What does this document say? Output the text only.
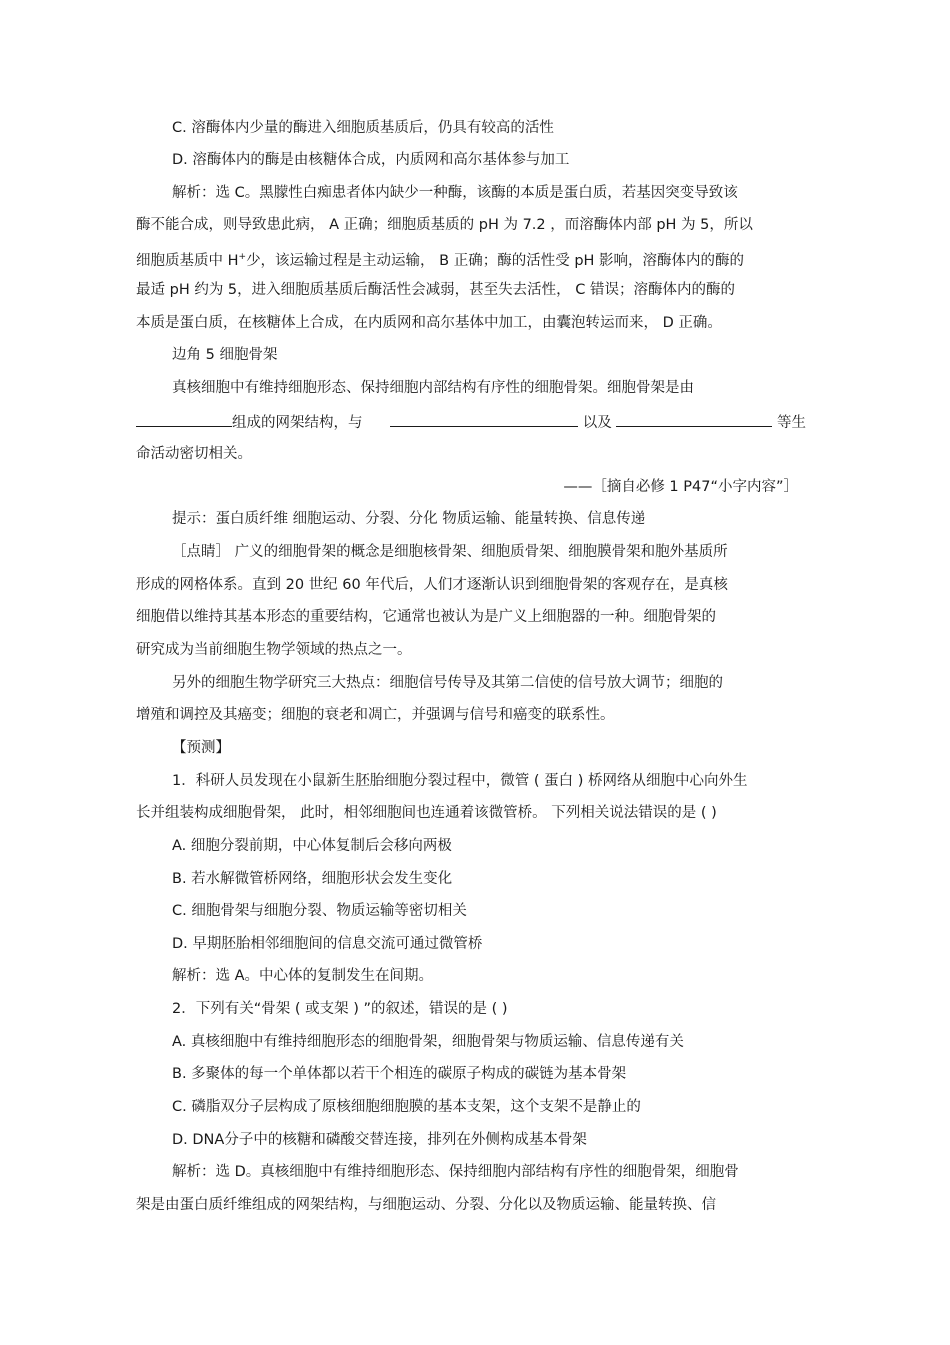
C. 溶酶体内少量的酶进入细胞质基质后，仍具有较高的活性
D. 溶酶体内的酶是由核糖体合成，内质网和高尔基体参与加工
解析：选 C。黑朦性白痴患者体内缺少一种酶，该酶的本质是蛋白质，若基因突变导致该
酶不能合成，则导致患此病， A 正确；细胞质基质的 pH 为 7.2 ，而溶酶体内部 pH 为 5，所以
细胞质基质中 H+少，该运输过程是主动运输， B 正确；酶的活性受 pH 影响，溶酶体内的酶的
最适 pH 约为 5，进入细胞质基质后酶活性会减弱，甚至失去活性， C 错误；溶酶体内的酶的
本质是蛋白质，在核糖体上合成，在内质网和高尔基体中加工，由囊泡转运而来， D 正确。
边角 5 细胞骨架
真核细胞中有维持细胞形态、保持细胞内部结构有序性的细胞骨架。细胞骨架是由
组成的网架结构，与	以及	等生
命活动密切相关。
——［摘自必修 1 P47“小字内容”］
提示：蛋白质纤维 细胞运动、分裂、分化 物质运输、能量转换、信息传递
［点睛］ 广义的细胞骨架的概念是细胞核骨架、细胞质骨架、细胞膜骨架和胞外基质所
形成的网格体系。直到 20 世纪 60 年代后，人们才逐渐认识到细胞骨架的客观存在，是真核
细胞借以维持其基本形态的重要结构，它通常也被认为是广义上细胞器的一种。细胞骨架的
研究成为当前细胞生物学领域的热点之一。
另外的细胞生物学研究三大热点：细胞信号传导及其第二信使的信号放大调节；细胞的
增殖和调控及其癌变；细胞的衰老和凋亡，并强调与信号和癌变的联系性。
【预测】
1．科研人员发现在小鼠新生胚胎细胞分裂过程中，微管 ( 蛋白 ) 桥网络从细胞中心向外生
长并组装构成细胞骨架， 此时，相邻细胞间也连通着该微管桥。 下列相关说法错误的是 ( )
A. 细胞分裂前期，中心体复制后会移向两极
B. 若水解微管桥网络，细胞形状会发生变化
C. 细胞骨架与细胞分裂、物质运输等密切相关
D. 早期胚胎相邻细胞间的信息交流可通过微管桥
解析：选 A。中心体的复制发生在间期。
2．下列有关“骨架 ( 或支架 ) ”的叙述，错误的是 ( )
A. 真核细胞中有维持细胞形态的细胞骨架，细胞骨架与物质运输、信息传递有关
B. 多聚体的每一个单体都以若干个相连的碳原子构成的碳链为基本骨架
C. 磷脂双分子层构成了原核细胞细胞膜的基本支架，这个支架不是静止的
D. DNA分子中的核糖和磷酸交替连接，排列在外侧构成基本骨架
解析：选 D。真核细胞中有维持细胞形态、保持细胞内部结构有序性的细胞骨架，细胞骨
架是由蛋白质纤维组成的网架结构，与细胞运动、分裂、分化以及物质运输、能量转换、信
